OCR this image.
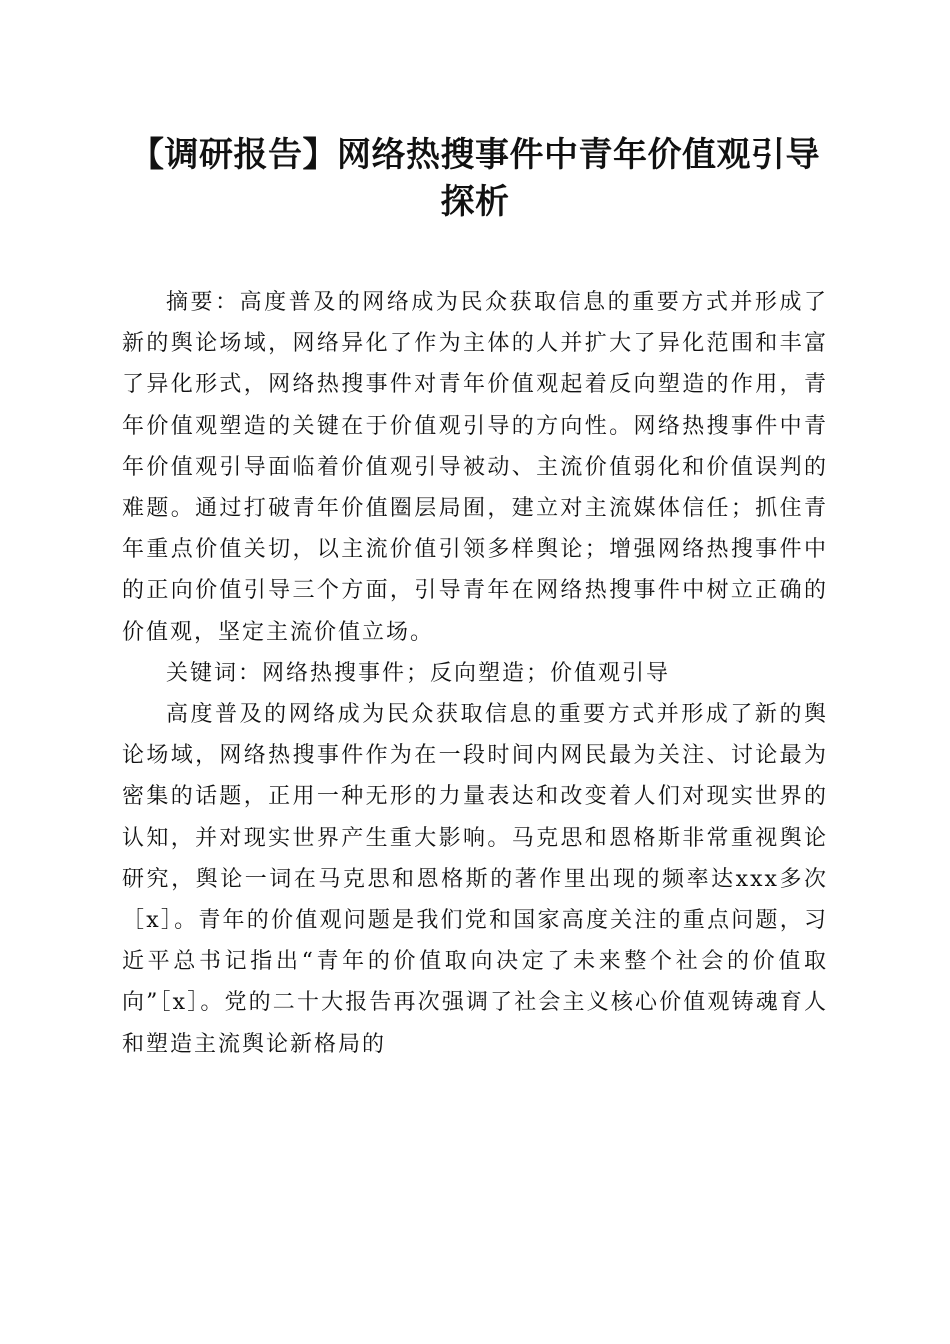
【调研报告】网络热搜事件中青年价值观引导探析

摘要：高度普及的网络成为民众获取信息的重要方式并形成了新的舆论场域，网络异化了作为主体的人并扩大了异化范围和丰富了异化形式，网络热搜事件对青年价值观起着反向塑造的作用，青年价值观塑造的关键在于价值观引导的方向性。网络热搜事件中青年价值观引导面临着价值观引导被动、主流价值弱化和价值误判的难题。通过打破青年价值圈层局囿，建立对主流媒体信任；抓住青年重点价值关切，以主流价值引领多样舆论；增强网络热搜事件中的正向价值引导三个方面，引导青年在网络热搜事件中树立正确的价值观，坚定主流价值立场。

关键词：网络热搜事件；反向塑造；价值观引导

高度普及的网络成为民众获取信息的重要方式并形成了新的舆论场域，网络热搜事件作为在一段时间内网民最为关注、讨论最为密集的话题，正用一种无形的力量表达和改变着人们对现实世界的认知，并对现实世界产生重大影响。马克思和恩格斯非常重视舆论研究，舆论一词在马克思和恩格斯的著作里出现的频率达xxx多次［x］。青年的价值观问题是我们党和国家高度关注的重点问题，习近平总书记指出“青年的价值取向决定了未来整个社会的价值取向”［x］。党的二十大报告再次强调了社会主义核心价值观铸魂育人和塑造主流舆论新格局的
